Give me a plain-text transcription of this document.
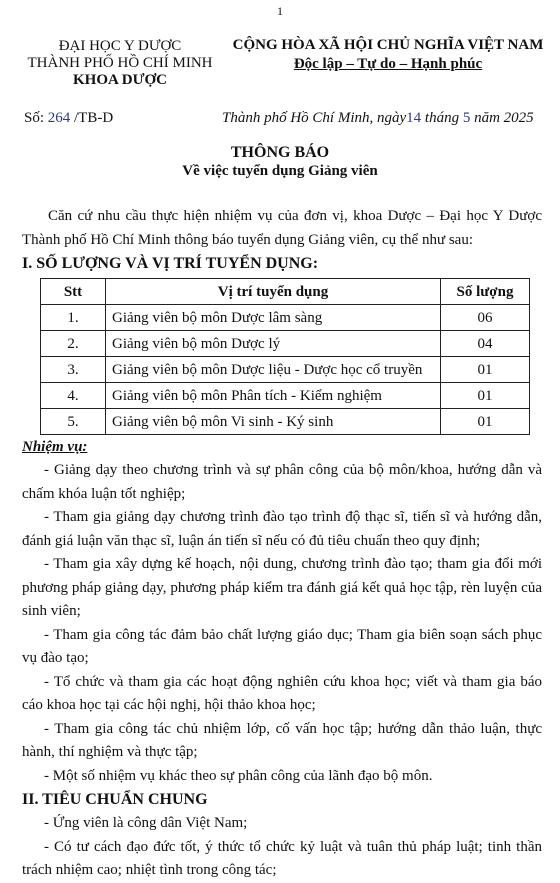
1
ĐẠI HỌC Y DƯỢC
THÀNH PHỐ HỒ CHÍ MINH
KHOA DƯỢC
CỘNG HÒA XÃ HỘI CHỦ NGHĨA VIỆT NAM
Độc lập – Tự do – Hạnh phúc
Số: 264 /TB-D	Thành phố Hồ Chí Minh, ngày14 tháng 5 năm 2025
THÔNG BÁO
Về việc tuyển dụng Giảng viên

Căn cứ nhu cầu thực hiện nhiệm vụ của đơn vị, khoa Dược – Đại học Y Dược Thành phố Hồ Chí Minh thông báo tuyển dụng Giảng viên, cụ thể như sau:

I. SỐ LƯỢNG VÀ VỊ TRÍ TUYỂN DỤNG:

Stt	Vị trí tuyển dụng	Số lượng
1.	Giảng viên bộ môn Dược lâm sàng	06
2.	Giảng viên bộ môn Dược lý	04
3.	Giảng viên bộ môn Dược liệu - Dược học cổ truyền	01
4.	Giảng viên bộ môn Phân tích - Kiểm nghiệm	01
5.	Giảng viên bộ môn Vi sinh - Ký sinh	01

Nhiệm vụ:

- Giảng dạy theo chương trình và sự phân công của bộ môn/khoa, hướng dẫn và chấm khóa luận tốt nghiệp;

- Tham gia giảng dạy chương trình đào tạo trình độ thạc sĩ, tiến sĩ và hướng dẫn, đánh giá luận văn thạc sĩ, luận án tiến sĩ nếu có đủ tiêu chuẩn theo quy định;

- Tham gia xây dựng kế hoạch, nội dung, chương trình đào tạo; tham gia đổi mới phương pháp giảng dạy, phương pháp kiểm tra đánh giá kết quả học tập, rèn luyện của sinh viên;

- Tham gia công tác đảm bảo chất lượng giáo dục; Tham gia biên soạn sách phục vụ đào tạo;

- Tổ chức và tham gia các hoạt động nghiên cứu khoa học; viết và tham gia báo cáo khoa học tại các hội nghị, hội thảo khoa học;

- Tham gia công tác chủ nhiệm lớp, cố vấn học tập; hướng dẫn thảo luận, thực hành, thí nghiệm và thực tập;

- Một số nhiệm vụ khác theo sự phân công của lãnh đạo bộ môn.

II. TIÊU CHUẨN CHUNG

- Ứng viên là công dân Việt Nam;

- Có tư cách đạo đức tốt, ý thức tổ chức kỷ luật và tuân thủ pháp luật; tinh thần trách nhiệm cao; nhiệt tình trong công tác;
